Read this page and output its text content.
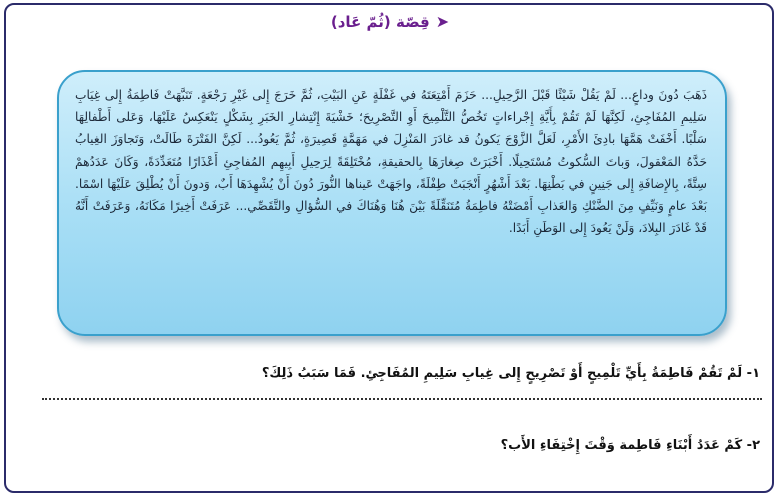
➤قِصّة (ثُمّ عَاد)

ذَهَبَ دُونَ وداعٍ... لَمْ يَقُلْ شَيْئًا قَبْلَ الرَّحِيلِ... حَزَمَ أَمْتِعَتَهُ في غَفْلَةٍ عَنِ البَيْتِ، ثُمَّ خَرَجَ إِلى غَيْرِ رَجْعَةٍ. تَنَبَّهَتْ فَاطِمَةُ إِلى غِيَابِ سَلِيمِ المُفَاجِئِ، لَكِنَّهَا لَمْ تَقُمْ بِأَيَّةِ إِجْراءاتٍ تَخُصُّ التَّلْمِيحَ أَوِ التَّصْرِيحَ؛ خَشْيَةَ إِنْتِشارِ الخَبَرِ بِشَكْلٍ يَنْعَكِسُ عَلَيْهَا، وَعَلى أَطْفالِهَا سَلْبًا. أَخْفَتْ هَمَّهَا بادِئَ الأَمْرِ، لَعَلَّ الزَّوْجَ يَكونُ قد غادَرَ المَنْزِلَ في مَهَمَّةٍ قَصِيرَةٍ، ثُمَّ يَعُودُ... لَكِنَّ الفَتْرَةَ طَالَتْ، وَتَجاوَزَ الغِيابُ حَدَّهُ المَعْقولَ، وَباتَ السُّكوتُ مُسْتَحِيلًا. أَخْبَرَتْ صِغارَهَا بِالحقيقةِ، مُخْتَلِقَةً لِرَحِيلِ أَبِيهِم المُفاجِئِ أَعْذَارًا مُتَعَدِّدَةً، وَكَانَ عَدَدُهمْ سِتَّةً، بِالإِضافَةِ إِلى جَنِينٍ في بَطْنِهَا. بَعْدَ أَشْهُرٍ أَنْجَبَتْ طِفْلَةً، واجَهَتْ عَيناها النُّورَ دُونَ أَنْ يُشْهِدَهَا أَبٌ، وَدونَ أَنْ يُطْلِقَ عَلَيْهَا اسْمًا. بَعْدَ عامٍ وَنَيِّفٍ مِنَ الضَّنْكِ وَالعَذابِ أَمْضَتْهُ فاطِمَةُ مُتَنَقِّلَةً بَيْنَ هُنَا وَهُنَاكَ في السُّؤالِ والتَّقَصِّي... عَرَفَتْ أَخِيرًا مَكَانَهُ، وَعَرَفَتْ أَنَّهُ قَدْ غَادَرَ البِلادَ، وَلَنْ يَعُودَ إِلى الوَطَنِ أَبَدًا.

١- لَمْ تَقُمْ فَاطِمَةُ بِأَيِّ تَلْمِيحٍ أَوْ تَصْرِيحٍ إِلى غِيابِ سَلِيمِ المُفَاجِئِ. فَمَا سَبَبُ ذَلِكَ؟
٢- كَمْ عَدَدُ أَبْنَاءِ فَاطِمة وَقْتَ إِخْتِفَاءِ الأَب؟
